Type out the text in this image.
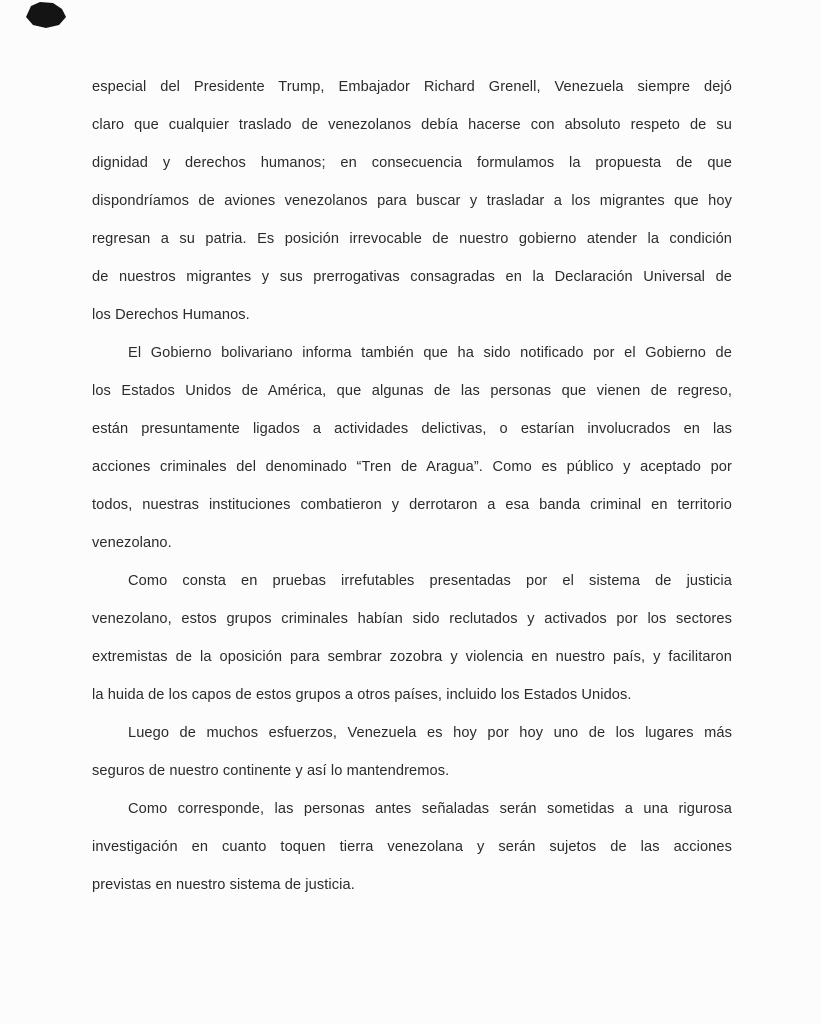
especial del Presidente Trump, Embajador Richard Grenell, Venezuela siempre dejó
claro que cualquier traslado de venezolanos debía hacerse con absoluto respeto de su
dignidad y derechos humanos; en consecuencia formulamos la propuesta de que
dispondríamos de aviones venezolanos para buscar y trasladar a los migrantes que hoy
regresan a su patria. Es posición irrevocable de nuestro gobierno atender la condición
de nuestros migrantes y sus prerrogativas consagradas en la Declaración Universal de
los Derechos Humanos.
El Gobierno bolivariano informa también que ha sido notificado por el Gobierno de
los Estados Unidos de América, que algunas de las personas que vienen de regreso,
están presuntamente ligados a actividades delictivas, o estarían involucrados en las
acciones criminales del denominado “Tren de Aragua”. Como es público y aceptado por
todos, nuestras instituciones combatieron y derrotaron a esa banda criminal en territorio
venezolano.
Como consta en pruebas irrefutables presentadas por el sistema de justicia
venezolano, estos grupos criminales habían sido reclutados y activados por los sectores
extremistas de la oposición para sembrar zozobra y violencia en nuestro país, y facilitaron
la huida de los capos de estos grupos a otros países, incluido los Estados Unidos.
Luego de muchos esfuerzos, Venezuela es hoy por hoy uno de los lugares más
seguros de nuestro continente y así lo mantendremos.
Como corresponde, las personas antes señaladas serán sometidas a una rigurosa
investigación en cuanto toquen tierra venezolana y serán sujetos de las acciones
previstas en nuestro sistema de justicia.
